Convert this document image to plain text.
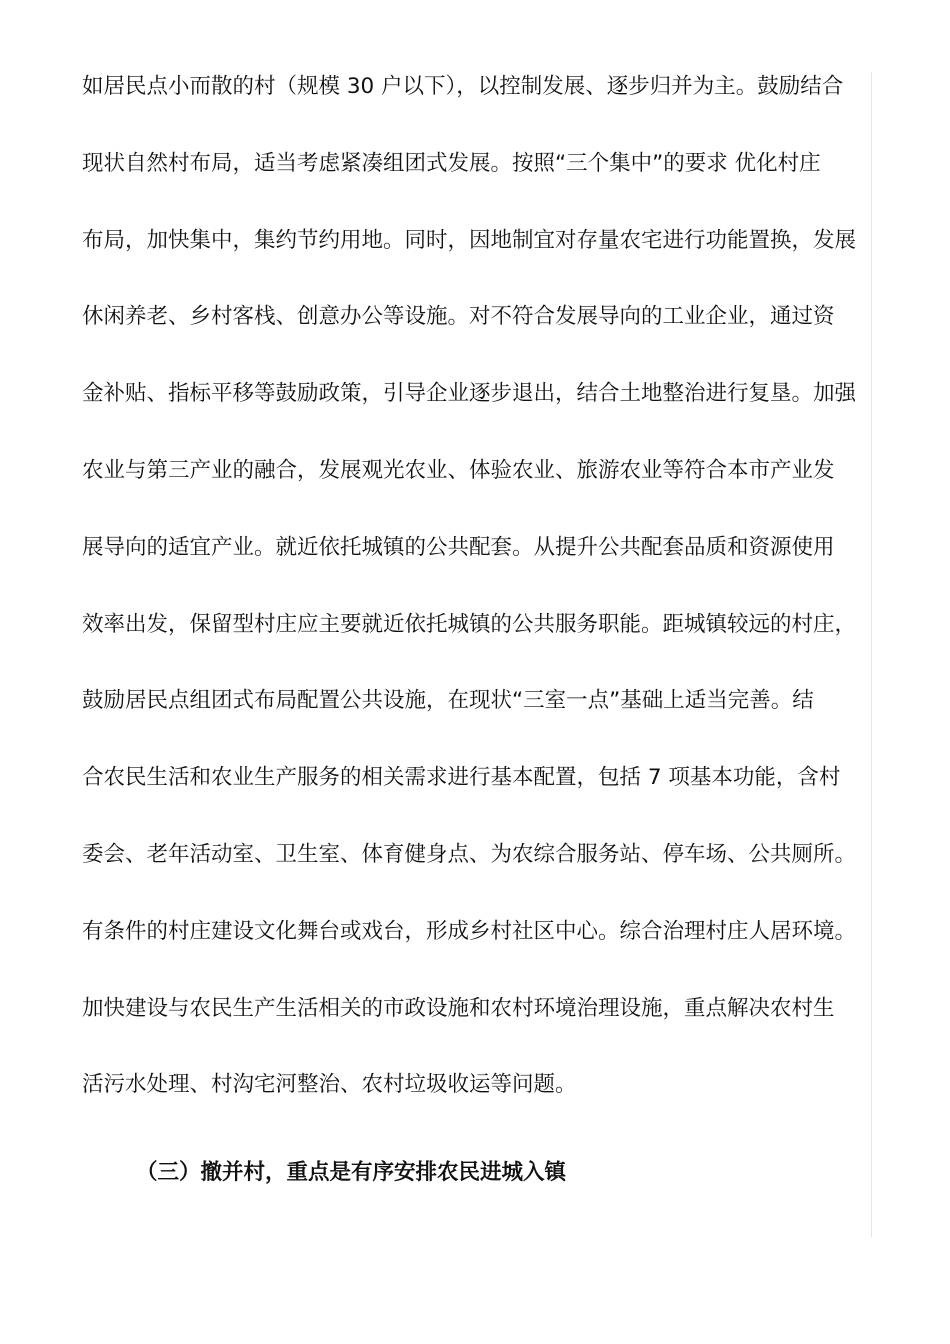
如居民点小而散的村（规模 30 户以下），以控制发展、逐步归并为主。鼓励结合
现状自然村布局，适当考虑紧凑组团式发展。按照“三个集中”的要求 优化村庄
布局，加快集中，集约节约用地。同时，因地制宜对存量农宅进行功能置换，发展
休闲养老、乡村客栈、创意办公等设施。对不符合发展导向的工业企业，通过资
金补贴、指标平移等鼓励政策，引导企业逐步退出，结合土地整治进行复垦。加强
农业与第三产业的融合，发展观光农业、体验农业、旅游农业等符合本市产业发
展导向的适宜产业。就近依托城镇的公共配套。从提升公共配套品质和资源使用
效率出发，保留型村庄应主要就近依托城镇的公共服务职能。距城镇较远的村庄，
鼓励居民点组团式布局配置公共设施，在现状“三室一点”基础上适当完善。结
合农民生活和农业生产服务的相关需求进行基本配置，包括 7 项基本功能，含村
委会、老年活动室、卫生室、体育健身点、为农综合服务站、停车场、公共厕所。
有条件的村庄建设文化舞台或戏台，形成乡村社区中心。综合治理村庄人居环境。
加快建设与农民生产生活相关的市政设施和农村环境治理设施，重点解决农村生
活污水处理、村沟宅河整治、农村垃圾收运等问题。
（三）撤并村，重点是有序安排农民进城入镇
